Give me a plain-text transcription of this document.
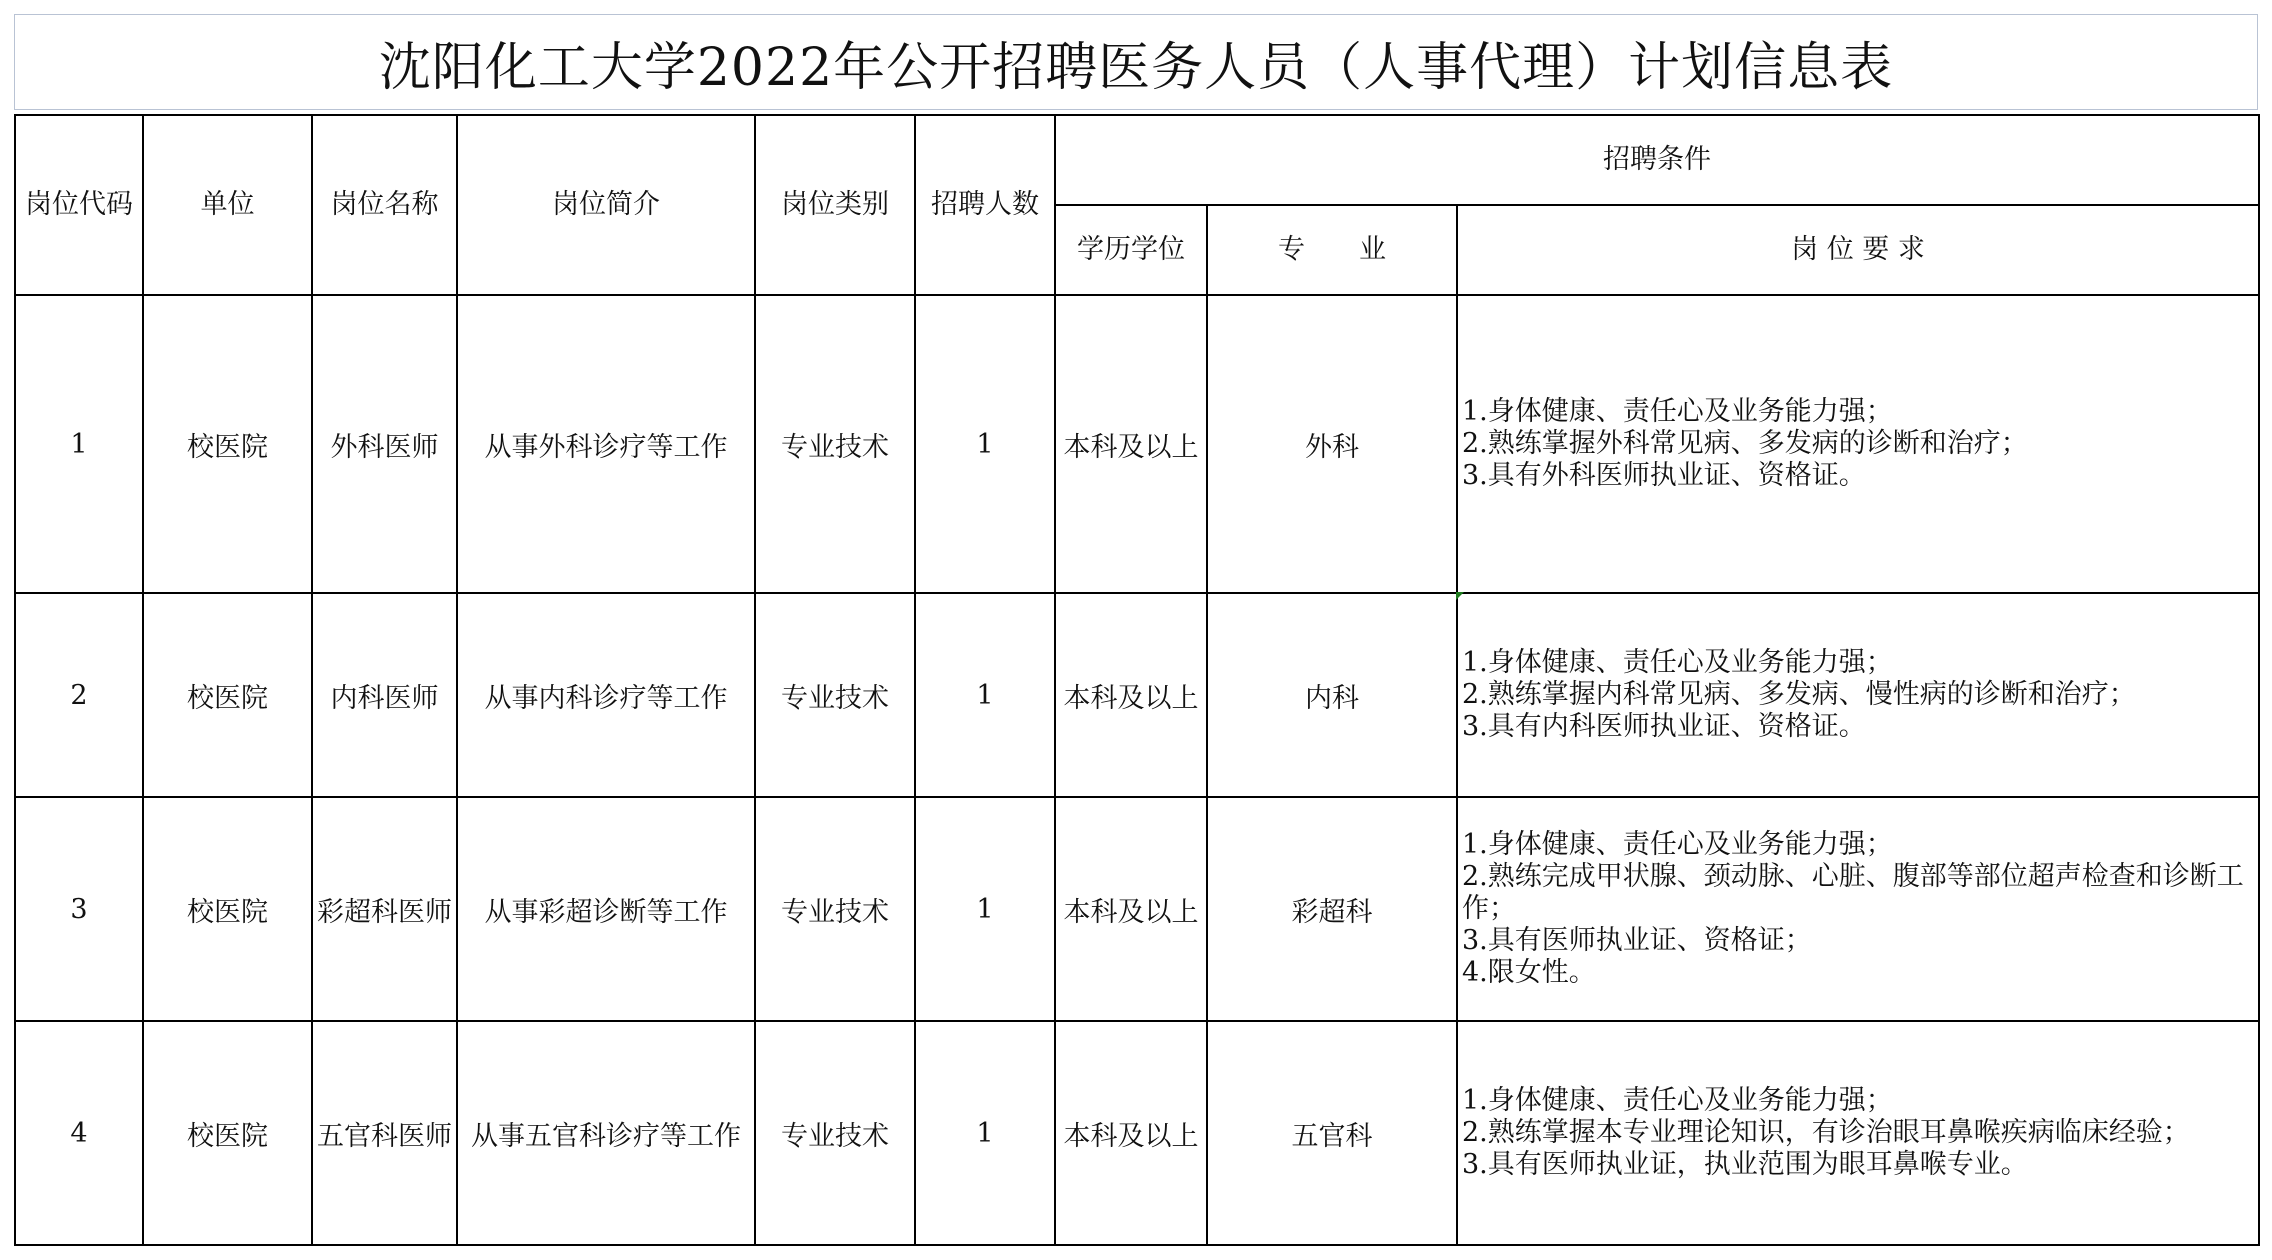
沈阳化工大学2022年公开招聘医务人员（人事代理）计划信息表
岗位代码	单位	岗位名称	岗位简介	岗位类别	招聘人数	招聘条件		
						学历学位	专　　业	岗 位 要 求
1	校医院	外科医师	从事外科诊疗等工作	专业技术	1	本科及以上	外科	1.身体健康、责任心及业务能力强；
2.熟练掌握外科常见病、多发病的诊断和治疗；
3.具有外科医师执业证、资格证。

2	校医院	内科医师	从事内科诊疗等工作	专业技术	1	本科及以上	内科	1.身体健康、责任心及业务能力强；
2.熟练掌握内科常见病、多发病、慢性病的诊断和治疗；
3.具有内科医师执业证、资格证。

3	校医院	彩超科医师	从事彩超诊断等工作	专业技术	1	本科及以上	彩超科	1.身体健康、责任心及业务能力强；
2.熟练完成甲状腺、颈动脉、心脏、腹部等部位超声检查和诊断工作；
3.具有医师执业证、资格证；
4.限女性。

4	校医院	五官科医师	从事五官科诊疗等工作	专业技术	1	本科及以上	五官科	1.身体健康、责任心及业务能力强；
2.熟练掌握本专业理论知识，有诊治眼耳鼻喉疾病临床经验；
3.具有医师执业证，执业范围为眼耳鼻喉专业。
